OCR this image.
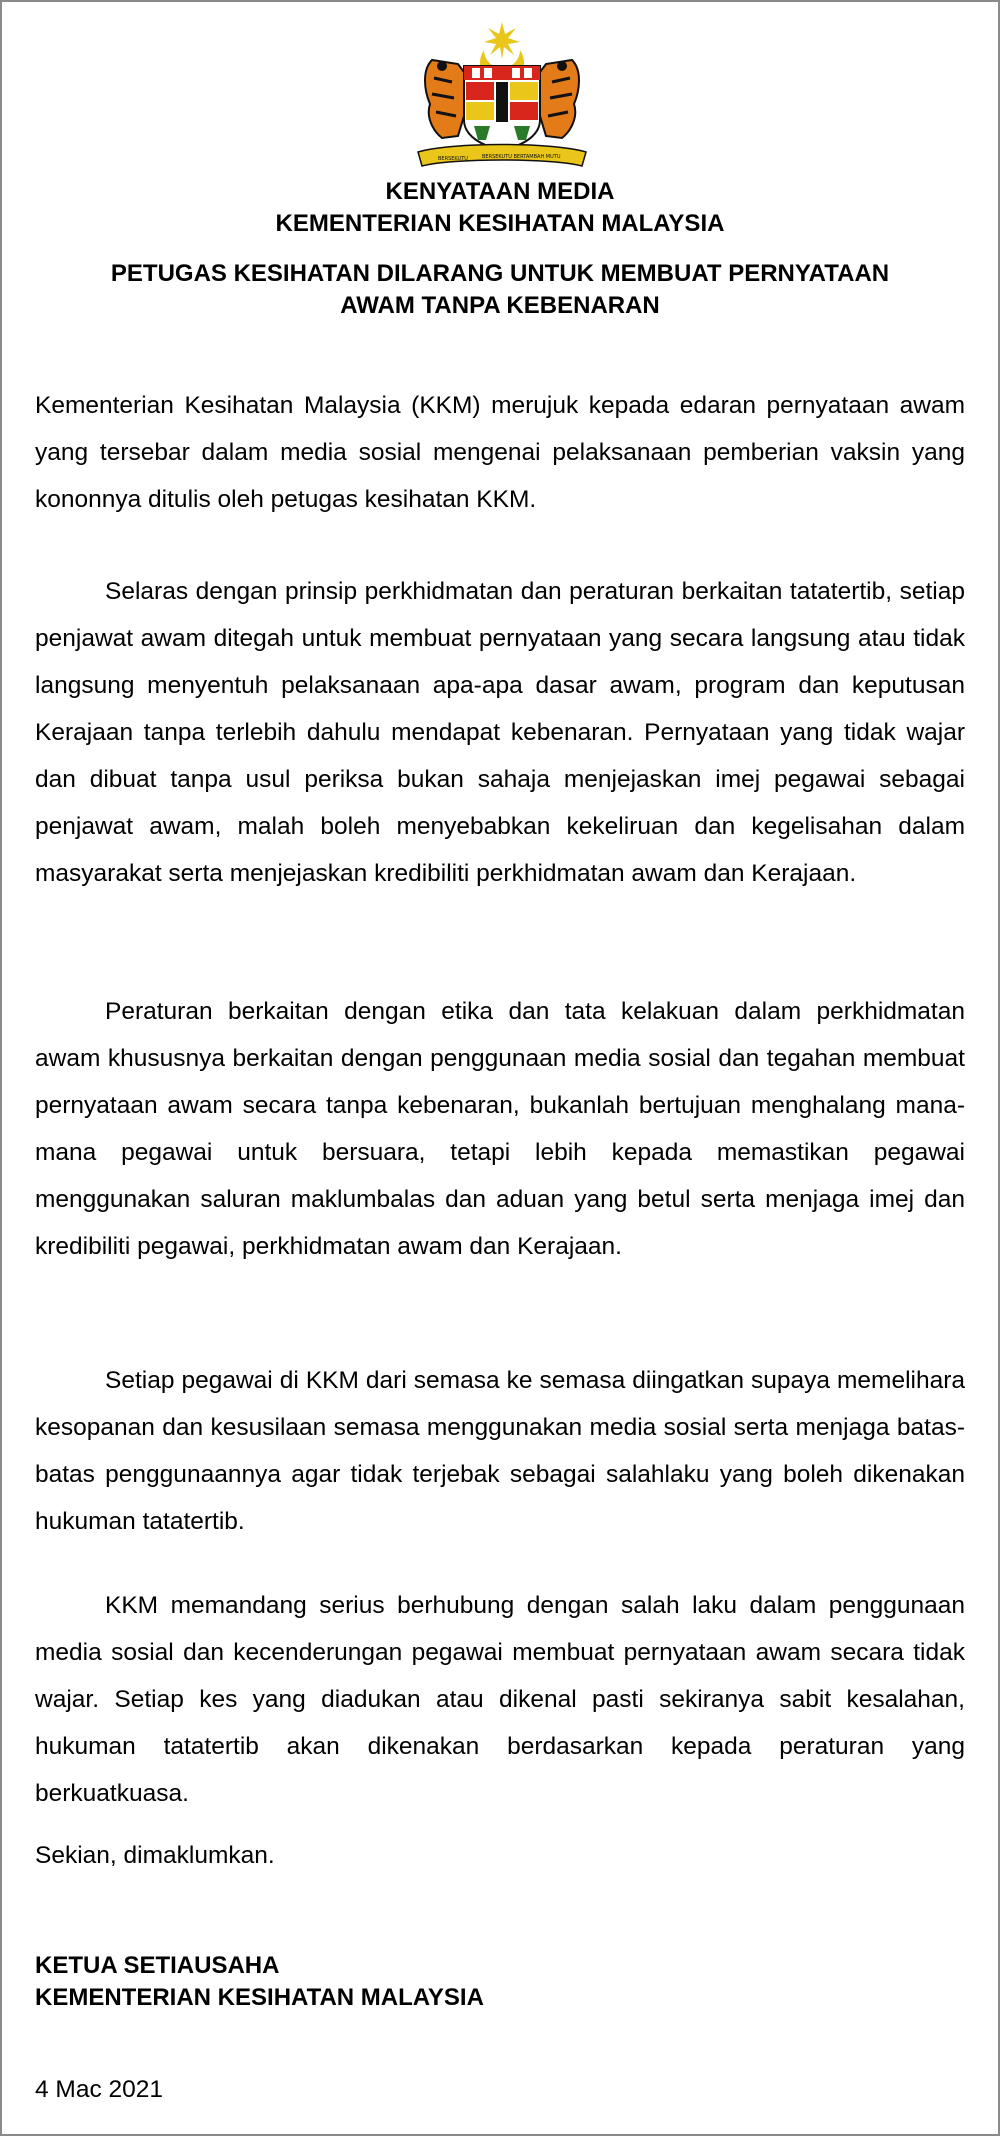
BERSEKUTU	BERSEKUTU BERTAMBAH MUTU
KENYATAAN MEDIA
KEMENTERIAN KESIHATAN MALAYSIA
PETUGAS KESIHATAN DILARANG UNTUK MEMBUAT PERNYATAAN
AWAM TANPA KEBENARAN

Kementerian Kesihatan Malaysia (KKM) merujuk kepada edaran pernyataan awam yang tersebar dalam media sosial mengenai pelaksanaan pemberian vaksin yang kononnya ditulis oleh petugas kesihatan KKM.

Selaras dengan prinsip perkhidmatan dan peraturan berkaitan tatatertib, setiap penjawat awam ditegah untuk membuat pernyataan yang secara langsung atau tidak langsung menyentuh pelaksanaan apa-apa dasar awam, program dan keputusan Kerajaan tanpa terlebih dahulu mendapat kebenaran. Pernyataan yang tidak wajar dan dibuat tanpa usul periksa bukan sahaja menjejaskan imej pegawai sebagai penjawat awam, malah boleh menyebabkan kekeliruan dan kegelisahan dalam masyarakat serta menjejaskan kredibiliti perkhidmatan awam dan Kerajaan.

Peraturan berkaitan dengan etika dan tata kelakuan dalam perkhidmatan awam khususnya berkaitan dengan penggunaan media sosial dan tegahan membuat pernyataan awam secara tanpa kebenaran, bukanlah bertujuan menghalang mana-mana pegawai untuk bersuara, tetapi lebih kepada memastikan pegawai menggunakan saluran maklumbalas dan aduan yang betul serta menjaga imej dan kredibiliti pegawai, perkhidmatan awam dan Kerajaan.

Setiap pegawai di KKM dari semasa ke semasa diingatkan supaya memelihara kesopanan dan kesusilaan semasa menggunakan media sosial serta menjaga batas-batas penggunaannya agar tidak terjebak sebagai salahlaku yang boleh dikenakan hukuman tatatertib.

KKM memandang serius berhubung dengan salah laku dalam penggunaan media sosial dan kecenderungan pegawai membuat pernyataan awam secara tidak wajar. Setiap kes yang diadukan atau dikenal pasti sekiranya sabit kesalahan, hukuman tatatertib akan dikenakan berdasarkan kepada peraturan yang berkuatkuasa.

Sekian, dimaklumkan.
KETUA SETIAUSAHA
KEMENTERIAN KESIHATAN MALAYSIA
4 Mac 2021
